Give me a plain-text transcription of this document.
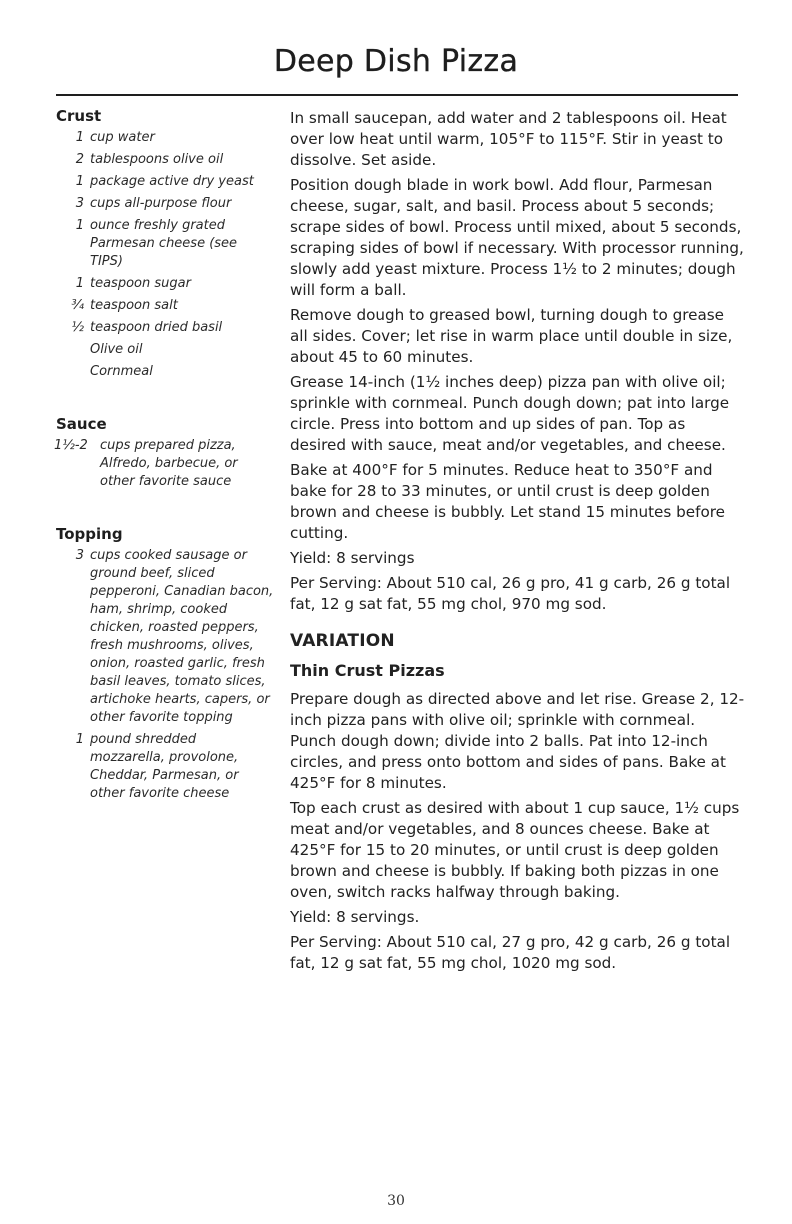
Deep Dish Pizza
Crust
1 cup water
2 tablespoons olive oil
1 package active dry yeast
3 cups all-purpose flour
1 ounce freshly grated Parmesan cheese (see TIPS)
1 teaspoon sugar
¾ teaspoon salt
½ teaspoon dried basil
Olive oil
Cornmeal
Sauce
1½-2 cups prepared pizza, Alfredo, barbecue, or other favorite sauce
Topping
3 cups cooked sausage or ground beef, sliced pepperoni, Canadian bacon, ham, shrimp, cooked chicken, roasted peppers, fresh mushrooms, olives, onion, roasted garlic, fresh basil leaves, tomato slices, artichoke hearts, capers, or other favorite topping
1 pound shredded mozzarella, provolone, Cheddar, Parmesan, or other favorite cheese

In small saucepan, add water and 2 tablespoons oil. Heat over low heat until warm, 105°F to 115°F. Stir in yeast to dissolve. Set aside.

Position dough blade in work bowl. Add flour, Parmesan cheese, sugar, salt, and basil. Process about 5 seconds; scrape sides of bowl. Process until mixed, about 5 seconds, scraping sides of bowl if necessary. With processor running, slowly add yeast mixture. Process 1½ to 2 minutes; dough will form a ball.

Remove dough to greased bowl, turning dough to grease all sides. Cover; let rise in warm place until double in size, about 45 to 60 minutes.

Grease 14-inch (1½ inches deep) pizza pan with olive oil; sprinkle with cornmeal. Punch dough down; pat into large circle. Press into bottom and up sides of pan. Top as desired with sauce, meat and/or vegetables, and cheese.

Bake at 400°F for 5 minutes. Reduce heat to 350°F and bake for 28 to 33 minutes, or until crust is deep golden brown and cheese is bubbly. Let stand 15 minutes before cutting.

Yield: 8 servings

Per Serving: About 510 cal, 26 g pro, 41 g carb, 26 g total fat, 12 g sat fat, 55 mg chol, 970 mg sod.

VARIATION
Thin Crust Pizzas

Prepare dough as directed above and let rise. Grease 2, 12-inch pizza pans with olive oil; sprinkle with cornmeal. Punch dough down; divide into 2 balls. Pat into 12-inch circles, and press onto bottom and sides of pans. Bake at 425°F for 8 minutes.

Top each crust as desired with about 1 cup sauce, 1½ cups meat and/or vegetables, and 8 ounces cheese. Bake at 425°F for 15 to 20 minutes, or until crust is deep golden brown and cheese is bubbly. If baking both pizzas in one oven, switch racks halfway through baking.

Yield: 8 servings.

Per Serving: About 510 cal, 27 g pro, 42 g carb, 26 g total fat, 12 g sat fat, 55 mg chol, 1020 mg sod.

30
